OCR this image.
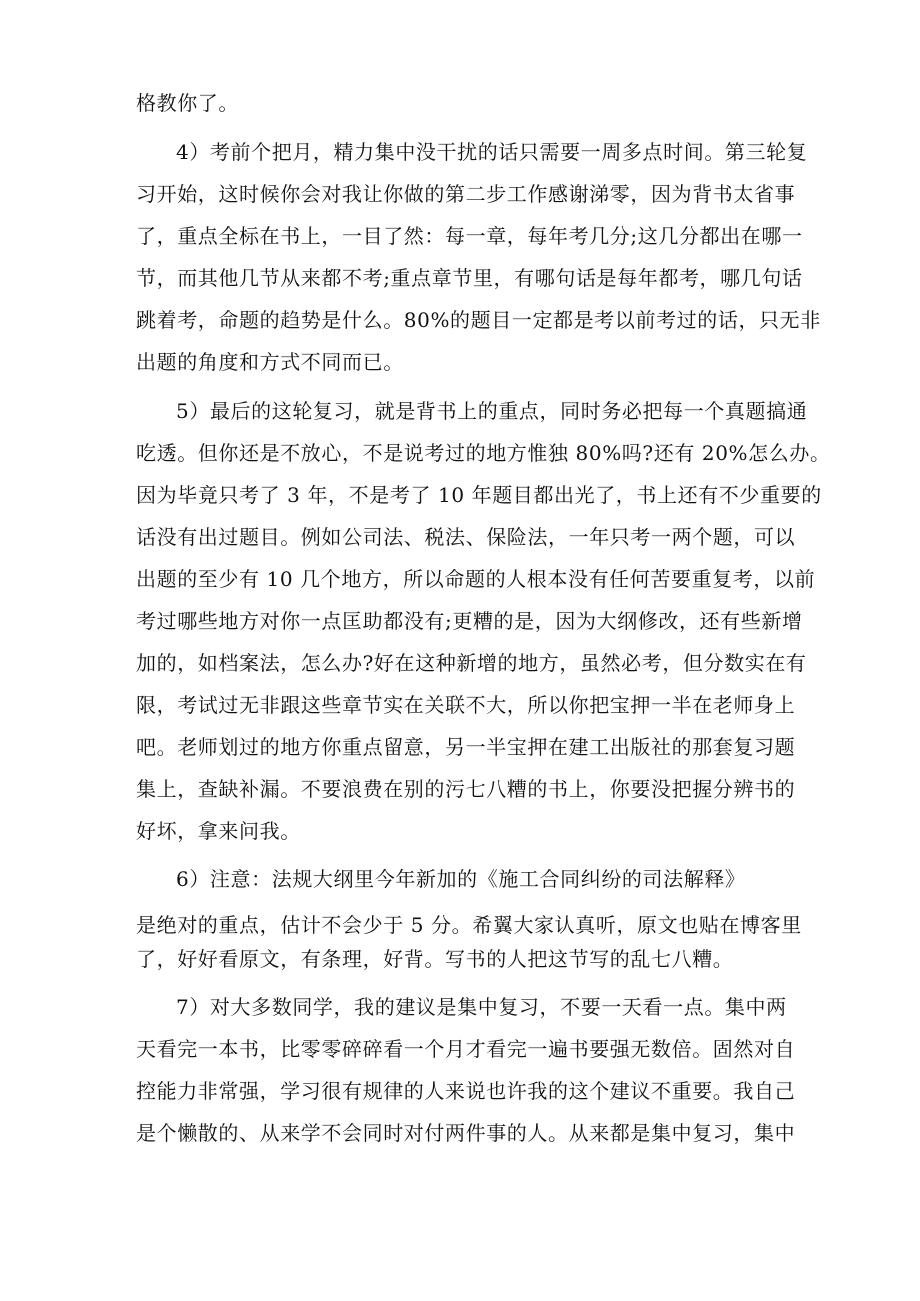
格教你了。
4）考前个把月，精力集中没干扰的话只需要一周多点时间。第三轮复
习开始，这时候你会对我让你做的第二步工作感谢涕零，因为背书太省事
了，重点全标在书上，一目了然：每一章，每年考几分;这几分都出在哪一
节，而其他几节从来都不考;重点章节里，有哪句话是每年都考，哪几句话
跳着考，命题的趋势是什么。80%的题目一定都是考以前考过的话，只无非
出题的角度和方式不同而已。
5）最后的这轮复习，就是背书上的重点，同时务必把每一个真题搞通
吃透。但你还是不放心，不是说考过的地方惟独 80%吗?还有 20%怎么办。
因为毕竟只考了 3 年，不是考了 10 年题目都出光了，书上还有不少重要的
话没有出过题目。例如公司法、税法、保险法，一年只考一两个题，可以
出题的至少有 10 几个地方，所以命题的人根本没有任何苦要重复考，以前
考过哪些地方对你一点匡助都没有;更糟的是，因为大纲修改，还有些新增
加的，如档案法，怎么办?好在这种新增的地方，虽然必考，但分数实在有
限，考试过无非跟这些章节实在关联不大，所以你把宝押一半在老师身上
吧。老师划过的地方你重点留意，另一半宝押在建工出版社的那套复习题
集上，查缺补漏。不要浪费在别的污七八糟的书上，你要没把握分辨书的
好坏，拿来问我。
6）注意：法规大纲里今年新加的《施工合同纠纷的司法解释》
是绝对的重点，估计不会少于 5 分。希翼大家认真听，原文也贴在博客里
了，好好看原文，有条理，好背。写书的人把这节写的乱七八糟。
7）对大多数同学，我的建议是集中复习，不要一天看一点。集中两
天看完一本书，比零零碎碎看一个月才看完一遍书要强无数倍。固然对自
控能力非常强，学习很有规律的人来说也许我的这个建议不重要。我自己
是个懒散的、从来学不会同时对付两件事的人。从来都是集中复习，集中
